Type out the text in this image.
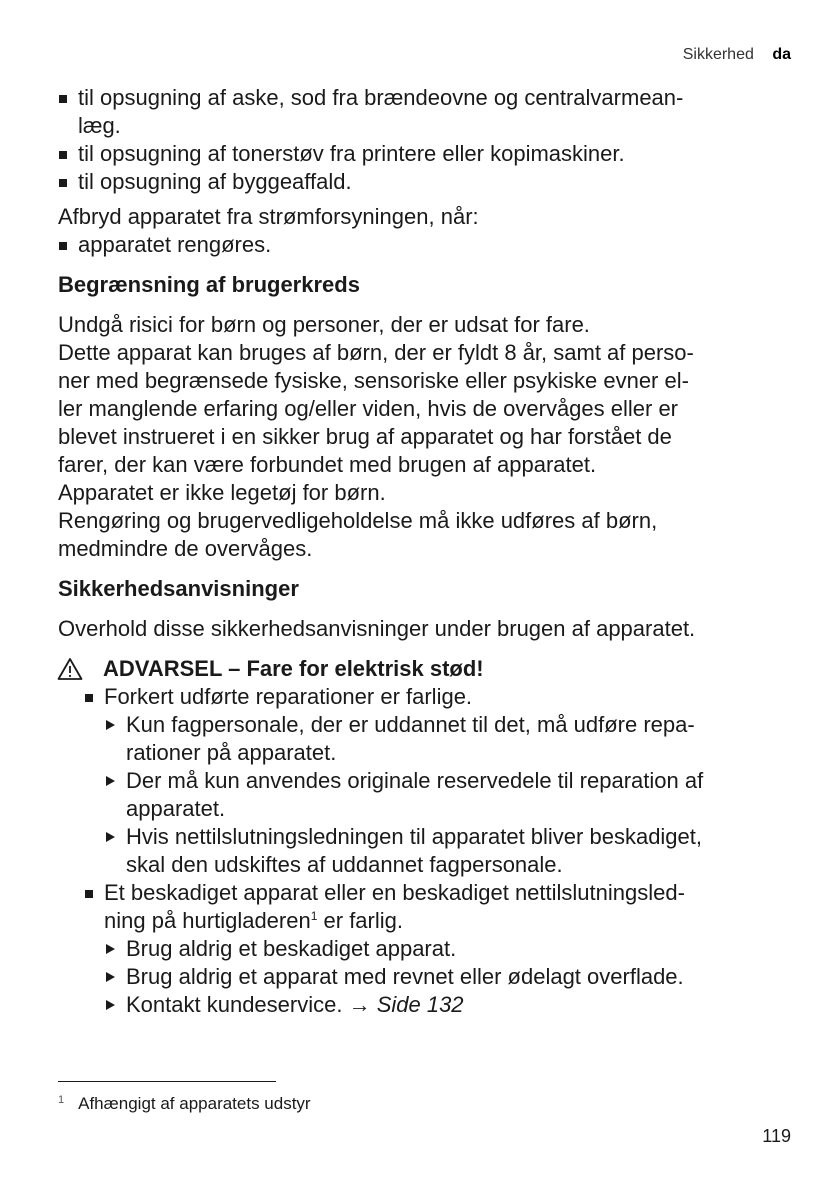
Sikkerhed da
til opsugning af aske, sod fra brændeovne og centralvarmean-
læg.
til opsugning af tonerstøv fra printere eller kopimaskiner.
til opsugning af byggeaffald.

Afbryd apparatet fra strømforsyningen, når:

apparatet rengøres.
Begrænsning af brugerkreds
Undgå risici for børn og personer, der er udsat for fare.
Dette apparat kan bruges af børn, der er fyldt 8 år, samt af perso-
ner med begrænsede fysiske, sensoriske eller psykiske evner el-
ler manglende erfaring og/eller viden, hvis de overvåges eller er
blevet instrueret i en sikker brug af apparatet og har forstået de
farer, der kan være forbundet med brugen af apparatet.
Apparatet er ikke legetøj for børn.
Rengøring og brugervedligeholdelse må ikke udføres af børn,
medmindre de overvåges.
Sikkerhedsanvisninger

Overhold disse sikkerhedsanvisninger under brugen af apparatet.

ADVARSEL – Fare for elektrisk stød!
Forkert udførte reparationer er farlige.
Kun fagpersonale, der er uddannet til det, må udføre repa-
rationer på apparatet.
Der må kun anvendes originale reservedele til reparation af
apparatet.
Hvis nettilslutningsledningen til apparatet bliver beskadiget,
skal den udskiftes af uddannet fagpersonale.
Et beskadiget apparat eller en beskadiget nettilslutningsled-
ning på hurtigladeren$^1$ er farlig.
Brug aldrig et beskadiget apparat.
Brug aldrig et apparat med revnet eller ødelagt overflade.
Kontakt kundeservice. → Side 132
$^1$ Afhængigt af apparatets udstyr
119
